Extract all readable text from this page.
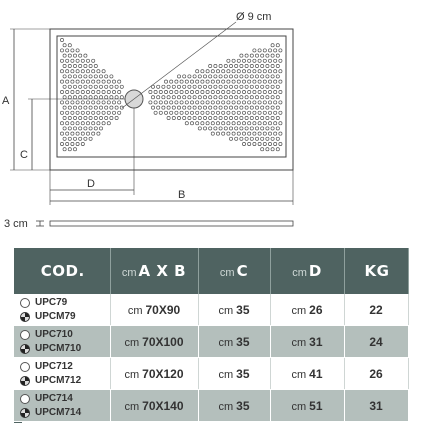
Ø 9 cm
A
C
D
B
3 cm
COD.	cm A X B	cm C	cm D	KG

UPC79
UPCM79	cm 70X90	cm 35	cm 26	22

UPC710
UPCM710	cm 70X100	cm 35	cm 31	24

UPC712
UPCM712	cm 70X120	cm 35	cm 41	26

UPC714
UPCM714	cm 70X140	cm 35	cm 51	31
